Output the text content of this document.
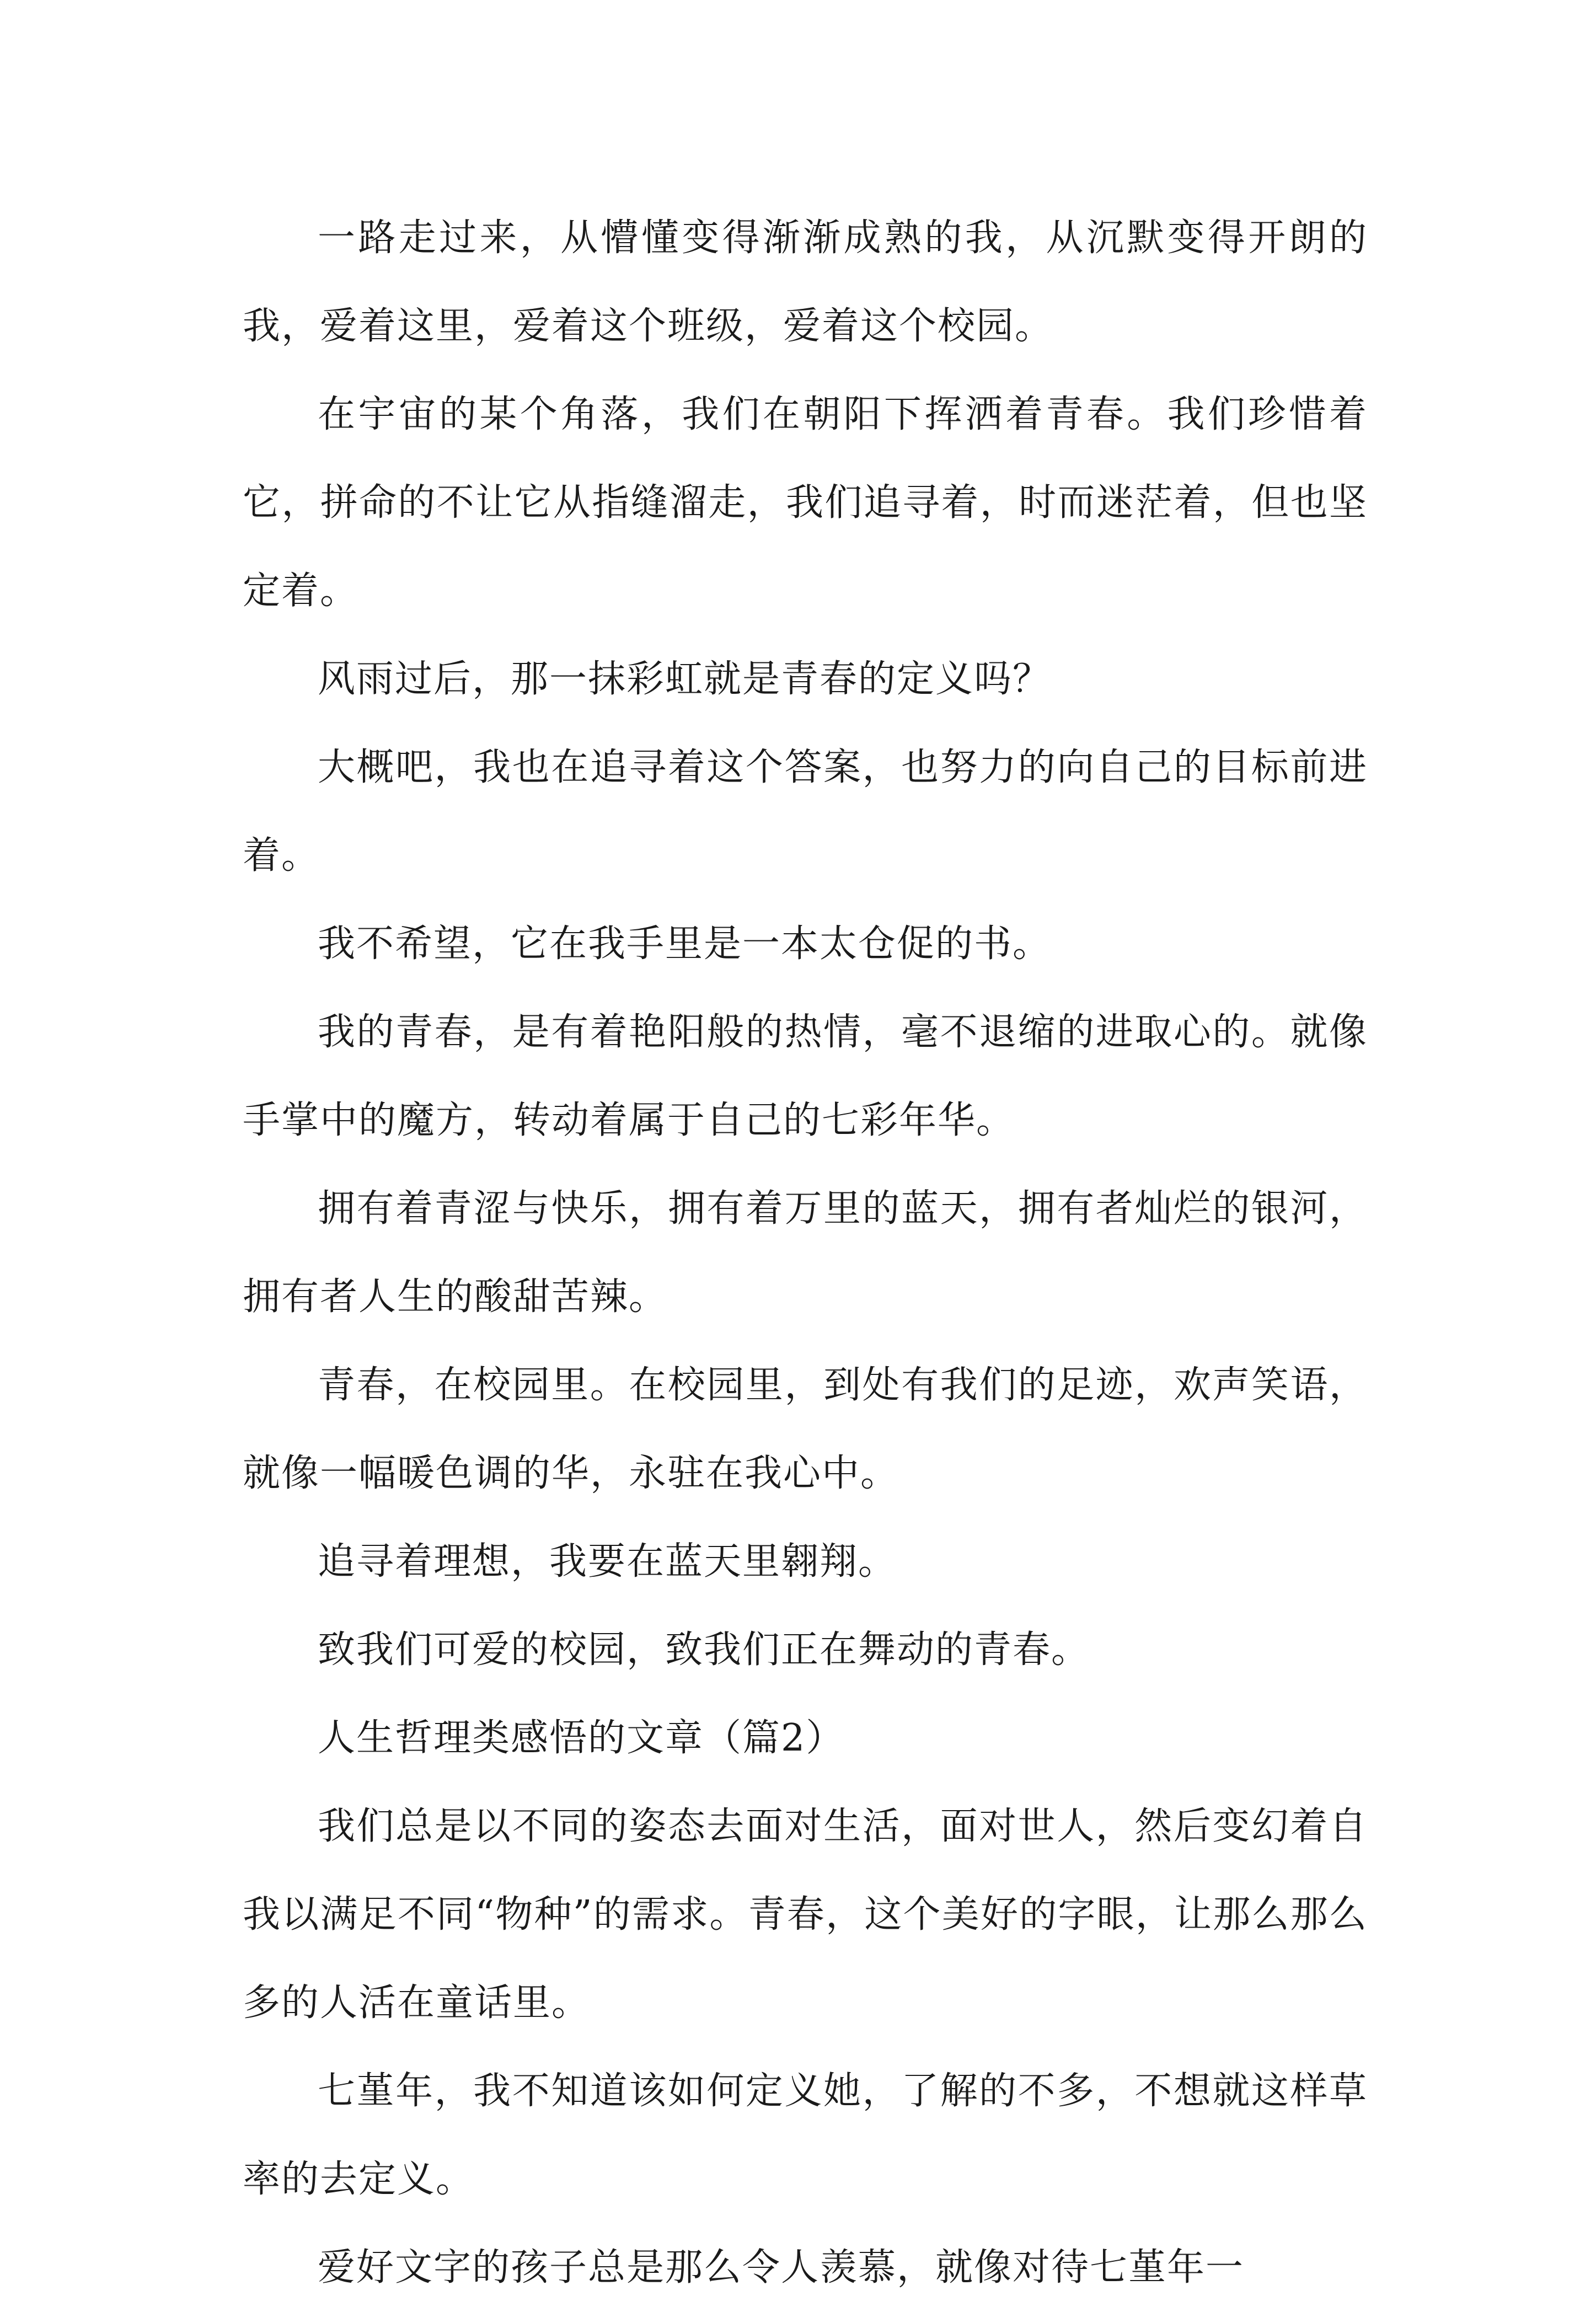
一路走过来，从懵懂变得渐渐成熟的我，从沉默变得开朗的我，爱着这里，爱着这个班级，爱着这个校园。

在宇宙的某个角落，我们在朝阳下挥洒着青春。我们珍惜着它，拼命的不让它从指缝溜走，我们追寻着，时而迷茫着，但也坚定着。

风雨过后，那一抹彩虹就是青春的定义吗？

大概吧，我也在追寻着这个答案，也努力的向自己的目标前进着。

我不希望，它在我手里是一本太仓促的书。

我的青春，是有着艳阳般的热情，毫不退缩的进取心的。就像手掌中的魔方，转动着属于自己的七彩年华。

拥有着青涩与快乐，拥有着万里的蓝天，拥有者灿烂的银河，拥有者人生的酸甜苦辣。

青春，在校园里。在校园里，到处有我们的足迹，欢声笑语，就像一幅暖色调的华，永驻在我心中。

追寻着理想，我要在蓝天里翱翔。

致我们可爱的校园，致我们正在舞动的青春。

人生哲理类感悟的文章（篇2）

我们总是以不同的姿态去面对生活，面对世人，然后变幻着自我以满足不同“物种”的需求。青春，这个美好的字眼，让那么那么多的人活在童话里。

七堇年，我不知道该如何定义她，了解的不多，不想就这样草率的去定义。

爱好文字的孩子总是那么令人羡慕，就像对待七堇年一
